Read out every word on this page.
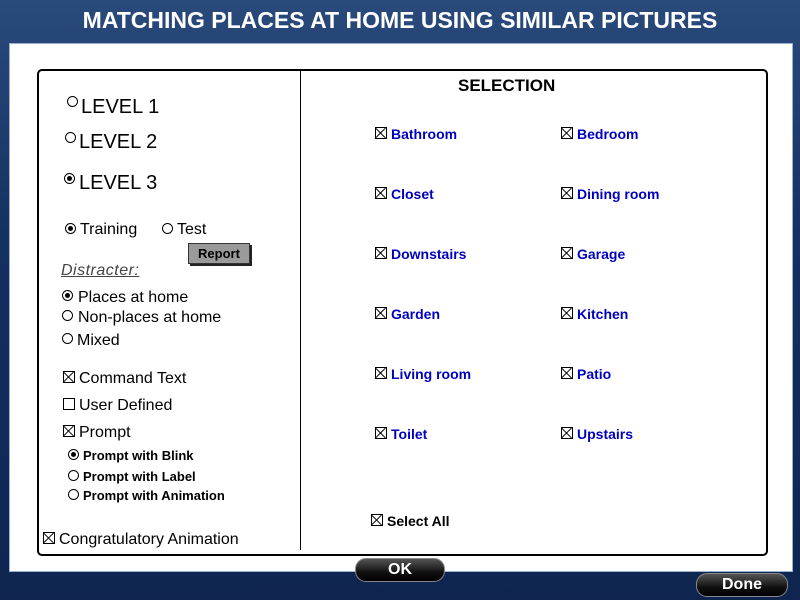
MATCHING PLACES AT HOME USING SIMILAR PICTURES
LEVEL 1
LEVEL 2
LEVEL 3
Training Test
Report
Distracter:
Places at home
Non-places at home
Mixed
Command Text
User Defined
Prompt
Prompt with Blink
Prompt with Label
Prompt with Animation
Congratulatory Animation
SELECTION
Bathroom	Bedroom
Closet	Dining room
Downstairs	Garage
Garden	Kitchen
Living room	Patio
Toilet	Upstairs
Select All
OK
Done
